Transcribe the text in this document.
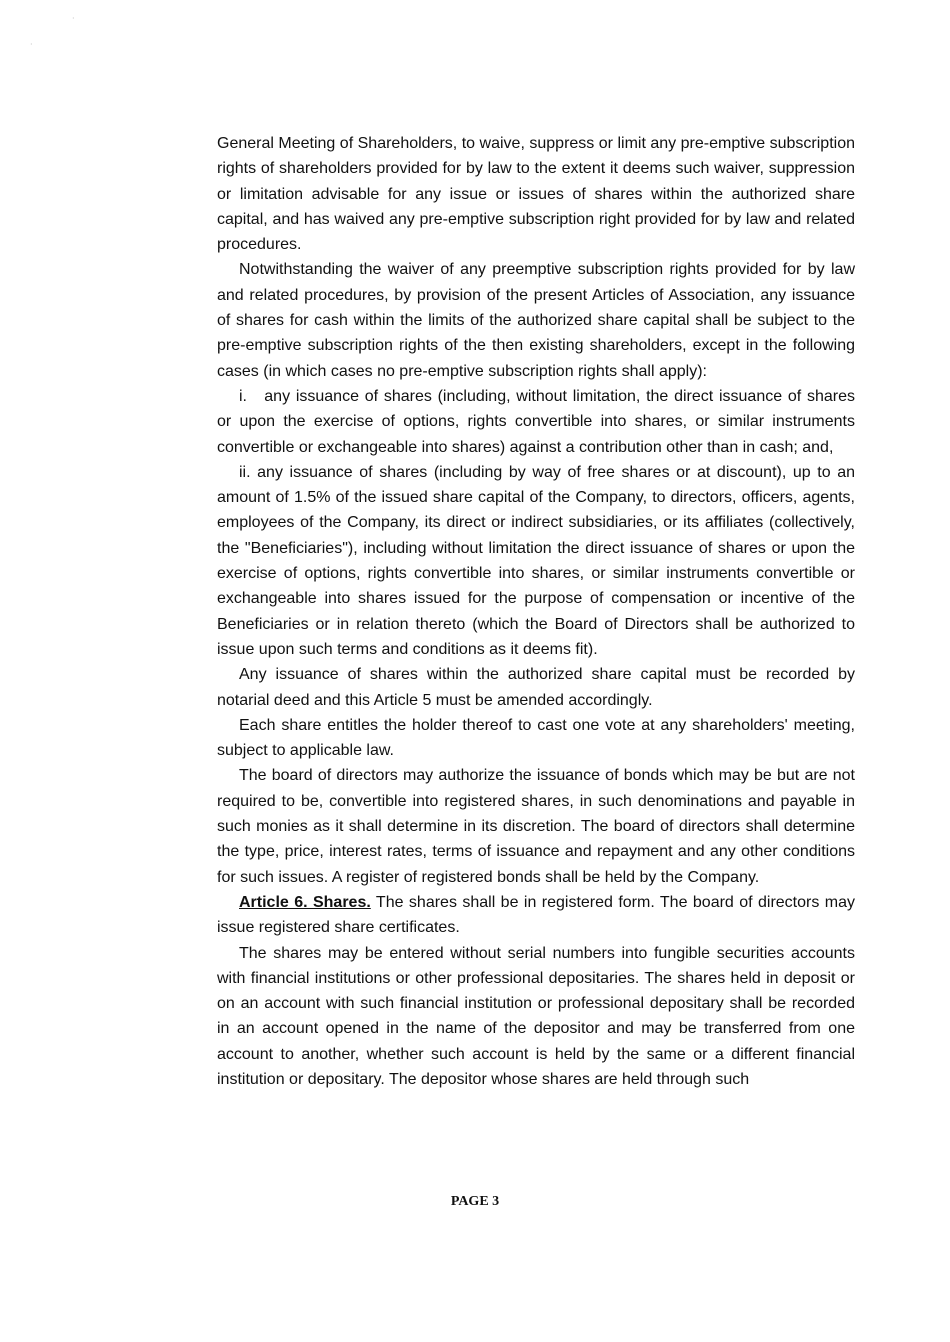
·
·

General Meeting of Shareholders, to waive, suppress or limit any pre-emptive subscription rights of shareholders provided for by law to the extent it deems such waiver, suppression or limitation advisable for any issue or issues of shares within the authorized share capital, and has waived any pre-emptive subscription right provided for by law and related procedures.

Notwithstanding the waiver of any preemptive subscription rights provided for by law and related procedures, by provision of the present Articles of Association, any issuance of shares for cash within the limits of the authorized share capital shall be subject to the pre-emptive subscription rights of the then existing shareholders, except in the following cases (in which cases no pre-emptive subscription rights shall apply):

i.   any issuance of shares (including, without limitation, the direct issuance of shares or upon the exercise of options, rights convertible into shares, or similar instruments convertible or exchangeable into shares) against a contribution other than in cash; and,

ii. any issuance of shares (including by way of free shares or at discount), up to an amount of 1.5% of the issued share capital of the Company, to directors, officers, agents, employees of the Company, its direct or indirect subsidiaries, or its affiliates (collectively, the "Beneficiaries"), including without limitation the direct issuance of shares or upon the exercise of options, rights convertible into shares, or similar instruments convertible or exchangeable into shares issued for the purpose of compensation or incentive of the Beneficiaries or in relation thereto (which the Board of Directors shall be authorized to issue upon such terms and conditions as it deems fit).

Any issuance of shares within the authorized share capital must be recorded by notarial deed and this Article 5 must be amended accordingly.

Each share entitles the holder thereof to cast one vote at any shareholders' meeting, subject to applicable law.

The board of directors may authorize the issuance of bonds which may be but are not required to be, convertible into registered shares, in such denominations and payable in such monies as it shall determine in its discretion. The board of directors shall determine the type, price, interest rates, terms of issuance and repayment and any other conditions for such issues. A register of registered bonds shall be held by the Company.

Article 6. Shares. The shares shall be in registered form. The board of directors may issue registered share certificates.

The shares may be entered without serial numbers into fungible securities accounts with financial institutions or other professional depositaries. The shares held in deposit or on an account with such financial institution or professional depositary shall be recorded in an account opened in the name of the depositor and may be transferred from one account to another, whether such account is held by the same or a different financial institution or depositary. The depositor whose shares are held through such

PAGE 3
